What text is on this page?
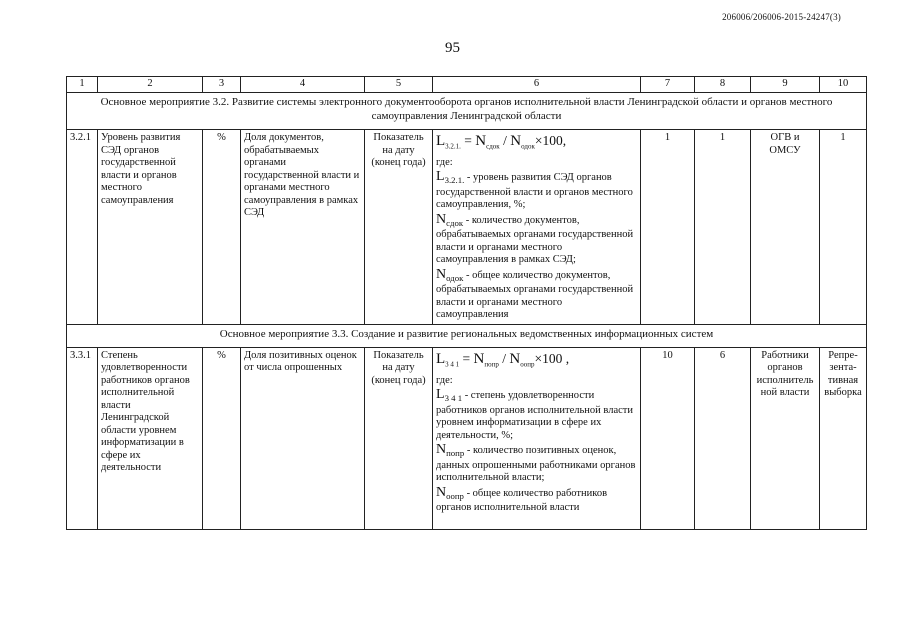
206006/206006-2015-24247(3)
95
1	2	3	4	5	6	7	8	9	10
Основное мероприятие 3.2. Развитие системы электронного документооборота органов исполнительной власти Ленинградской области и органов местного самоуправления Ленинградской области									
3.2.1	Уровень развития СЭД органов государственной власти и органов местного самоуправления	%	Доля документов, обрабатываемых органами государственной власти и органами местного самоуправления в рамках СЭД	Показатель на дату (конец года)	$L_{3.2.1.} = N_{сдок} / N_{одок}\times 100$,
где:
$L_{3.2.1.}$ - уровень развития СЭД органов государственной власти и органов местного самоуправления, %;
$N_{сдок}$ - количество документов, обрабатываемых органами государственной власти и органами местного самоуправления в рамках СЭД;
$N_{одок}$ - общее количество документов, обрабатываемых органами государственной власти и органами местного самоуправления	1	1	ОГВ и ОМСУ	1
Основное мероприятие 3.3. Создание и развитие региональных ведомственных информационных систем									
3.3.1	Степень удовлетворенности работников органов исполнительной власти Ленинградской области уровнем информатизации в сфере их деятельности	%	Доля позитивных оценок от числа опрошенных	Показатель на дату (конец года)	$L_{3 4 1} = N_{попр} / N_{оопр}\times 100$ ,
где:
$L_{3 4 1}$ - степень удовлетворенности работников органов исполнительной власти уровнем информатизации в сфере их деятельности, %;
$N_{попр}$ - количество позитивных оценок, данных опрошенными работниками органов исполнительной власти;
$N_{оопр}$ - общее количество работников органов исполнительной власти	10	6	Работники органов исполнитель ной власти	Репре- зента- тивная выборка
